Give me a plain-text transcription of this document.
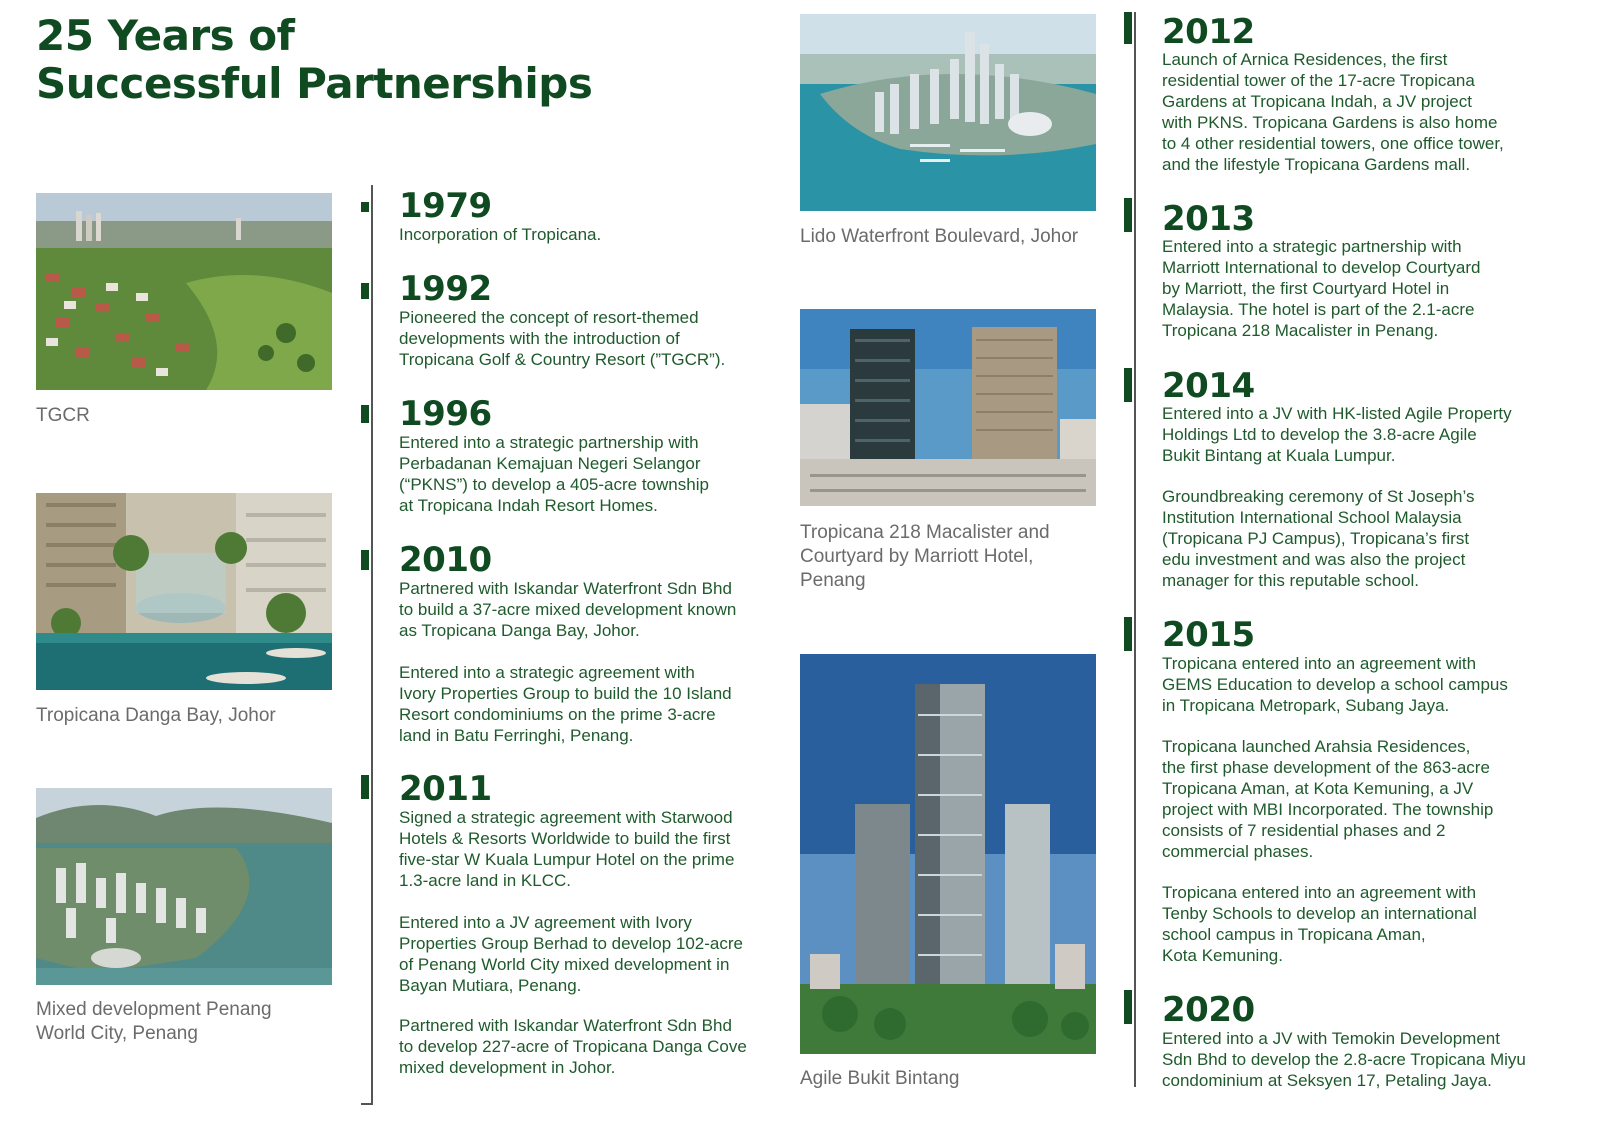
25 Years of
Successful Partnerships

TGCR

Tropicana Danga Bay, Johor

Mixed development Penang
World City, Penang

1979

Incorporation of Tropicana.

1992

Pioneered the concept of resort-themed
developments with the introduction of
Tropicana Golf & Country Resort (”TGCR”).

1996

Entered into a strategic partnership with
Perbadanan Kemajuan Negeri Selangor
(“PKNS”) to develop a 405-acre township
at Tropicana Indah Resort Homes.

2010

Partnered with Iskandar Waterfront Sdn Bhd
to build a 37-acre mixed development known
as Tropicana Danga Bay, Johor.

Entered into a strategic agreement with
Ivory Properties Group to build the 10 Island
Resort condominiums on the prime 3-acre
land in Batu Ferringhi, Penang.

2011

Signed a strategic agreement with Starwood
Hotels & Resorts Worldwide to build the first
five-star W Kuala Lumpur Hotel on the prime
1.3-acre land in KLCC.

Entered into a JV agreement with Ivory
Properties Group Berhad to develop 102-acre
of Penang World City mixed development in
Bayan Mutiara, Penang.

Partnered with Iskandar Waterfront Sdn Bhd
to develop 227-acre of Tropicana Danga Cove
mixed development in Johor.

Lido Waterfront Boulevard, Johor

Tropicana 218 Macalister and
Courtyard by Marriott Hotel,
Penang

Agile Bukit Bintang

2012

Launch of Arnica Residences, the first
residential tower of the 17-acre Tropicana
Gardens at Tropicana Indah, a JV project
with PKNS. Tropicana Gardens is also home
to 4 other residential towers, one office tower,
and the lifestyle Tropicana Gardens mall.

2013

Entered into a strategic partnership with
Marriott International to develop Courtyard
by Marriott, the first Courtyard Hotel in
Malaysia. The hotel is part of the 2.1-acre
Tropicana 218 Macalister in Penang.

2014

Entered into a JV with HK-listed Agile Property
Holdings Ltd to develop the 3.8-acre Agile
Bukit Bintang at Kuala Lumpur.

Groundbreaking ceremony of St Joseph’s
Institution International School Malaysia
(Tropicana PJ Campus), Tropicana’s first
edu investment and was also the project
manager for this reputable school.

2015

Tropicana entered into an agreement with
GEMS Education to develop a school campus
in Tropicana Metropark, Subang Jaya.

Tropicana launched Arahsia Residences,
the first phase development of the 863-acre
Tropicana Aman, at Kota Kemuning, a JV
project with MBI Incorporated. The township
consists of 7 residential phases and 2
commercial phases.

Tropicana entered into an agreement with
Tenby Schools to develop an international
school campus in Tropicana Aman,
Kota Kemuning.

2020

Entered into a JV with Temokin Development
Sdn Bhd to develop the 2.8-acre Tropicana Miyu
condominium at Seksyen 17, Petaling Jaya.
